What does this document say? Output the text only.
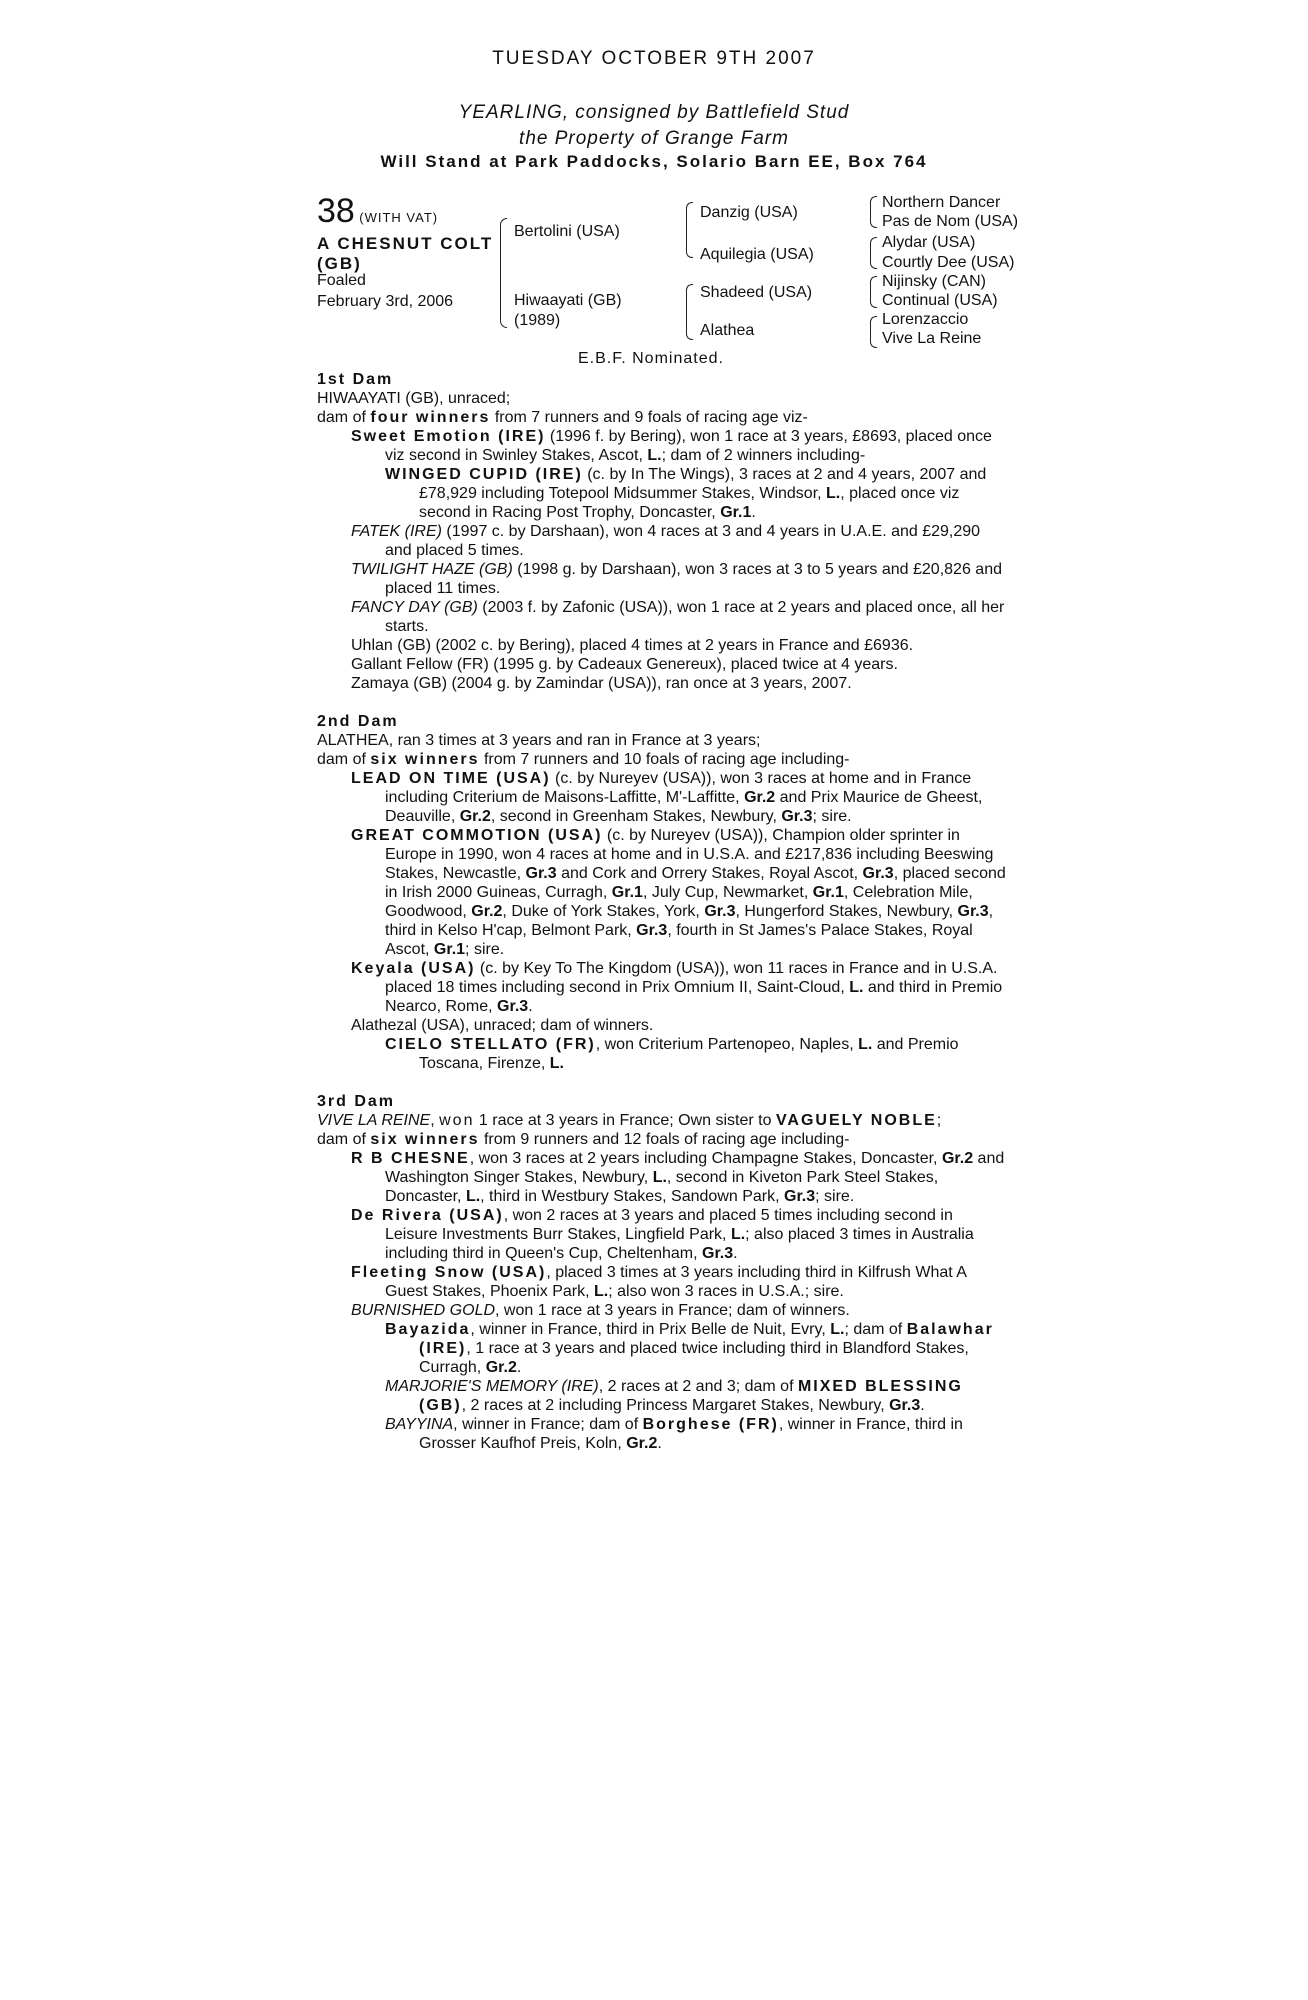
TUESDAY OCTOBER 9TH 2007
YEARLING, consigned by Battlefield Stud
the Property of Grange Farm
Will Stand at Park Paddocks, Solario Barn EE, Box 764
38 (WITH VAT)
A CHESNUT COLT
(GB)
Foaled
February 3rd, 2006
Bertolini (USA)
Hiwaayati (GB)
(1989)
Danzig (USA)
Aquilegia (USA)
Shadeed (USA)
Alathea
Northern Dancer
Pas de Nom (USA)
Alydar (USA)
Courtly Dee (USA)
Nijinsky (CAN)
Continual (USA)
Lorenzaccio
Vive La Reine
E.B.F. Nominated.
1st Dam
HIWAAYATI (GB), unraced;
dam of four winners from 7 runners and 9 foals of racing age viz-
Sweet Emotion (IRE) (1996 f. by Bering), won 1 race at 3 years, £8693, placed once viz second in Swinley Stakes, Ascot, L.; dam of 2 winners including-
WINGED CUPID (IRE) (c. by In The Wings), 3 races at 2 and 4 years, 2007 and £78,929 including Totepool Midsummer Stakes, Windsor, L., placed once viz second in Racing Post Trophy, Doncaster, Gr.1.
FATEK (IRE) (1997 c. by Darshaan), won 4 races at 3 and 4 years in U.A.E. and £29,290 and placed 5 times.
TWILIGHT HAZE (GB) (1998 g. by Darshaan), won 3 races at 3 to 5 years and £20,826 and placed 11 times.
FANCY DAY (GB) (2003 f. by Zafonic (USA)), won 1 race at 2 years and placed once, all her starts.
Uhlan (GB) (2002 c. by Bering), placed 4 times at 2 years in France and £6936.
Gallant Fellow (FR) (1995 g. by Cadeaux Genereux), placed twice at 4 years.
Zamaya (GB) (2004 g. by Zamindar (USA)), ran once at 3 years, 2007.
2nd Dam
ALATHEA, ran 3 times at 3 years and ran in France at 3 years;
dam of six winners from 7 runners and 10 foals of racing age including-
LEAD ON TIME (USA) (c. by Nureyev (USA)), won 3 races at home and in France including Criterium de Maisons-Laffitte, M'-Laffitte, Gr.2 and Prix Maurice de Gheest, Deauville, Gr.2, second in Greenham Stakes, Newbury, Gr.3; sire.
GREAT COMMOTION (USA) (c. by Nureyev (USA)), Champion older sprinter in Europe in 1990, won 4 races at home and in U.S.A. and £217,836 including Beeswing Stakes, Newcastle, Gr.3 and Cork and Orrery Stakes, Royal Ascot, Gr.3, placed second in Irish 2000 Guineas, Curragh, Gr.1, July Cup, Newmarket, Gr.1, Celebration Mile, Goodwood, Gr.2, Duke of York Stakes, York, Gr.3, Hungerford Stakes, Newbury, Gr.3, third in Kelso H'cap, Belmont Park, Gr.3, fourth in St James's Palace Stakes, Royal Ascot, Gr.1; sire.
Keyala (USA) (c. by Key To The Kingdom (USA)), won 11 races in France and in U.S.A. placed 18 times including second in Prix Omnium II, Saint-Cloud, L. and third in Premio Nearco, Rome, Gr.3.
Alathezal (USA), unraced; dam of winners.
CIELO STELLATO (FR), won Criterium Partenopeo, Naples, L. and Premio Toscana, Firenze, L.
3rd Dam
VIVE LA REINE, won 1 race at 3 years in France; Own sister to VAGUELY NOBLE;
dam of six winners from 9 runners and 12 foals of racing age including-
R B CHESNE, won 3 races at 2 years including Champagne Stakes, Doncaster, Gr.2 and Washington Singer Stakes, Newbury, L., second in Kiveton Park Steel Stakes, Doncaster, L., third in Westbury Stakes, Sandown Park, Gr.3; sire.
De Rivera (USA), won 2 races at 3 years and placed 5 times including second in Leisure Investments Burr Stakes, Lingfield Park, L.; also placed 3 times in Australia including third in Queen's Cup, Cheltenham, Gr.3.
Fleeting Snow (USA), placed 3 times at 3 years including third in Kilfrush What A Guest Stakes, Phoenix Park, L.; also won 3 races in U.S.A.; sire.
BURNISHED GOLD, won 1 race at 3 years in France; dam of winners.
Bayazida, winner in France, third in Prix Belle de Nuit, Evry, L.; dam of Balawhar (IRE), 1 race at 3 years and placed twice including third in Blandford Stakes, Curragh, Gr.2.
MARJORIE'S MEMORY (IRE), 2 races at 2 and 3; dam of MIXED BLESSING (GB), 2 races at 2 including Princess Margaret Stakes, Newbury, Gr.3.
BAYYINA, winner in France; dam of Borghese (FR), winner in France, third in Grosser Kaufhof Preis, Koln, Gr.2.
